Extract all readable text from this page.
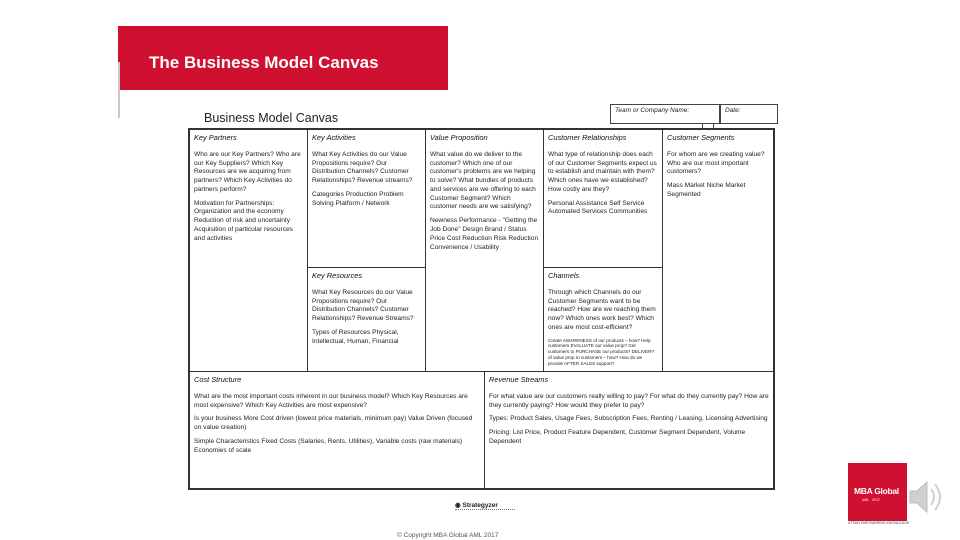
The Business Model Canvas
Business Model Canvas
Team or Company Name:	Date:
Key Partners

Who are our Key Partners? Who are our Key Suppliers? Which Key Resources are we acquiring from partners? Which Key Activities do partners perform?

Motivation for Partnerships: Organization and the economy Reduction of risk and uncertainty Acquisition of particular resources and activities

Key Activities

What Key Activities do our Value Propositions require? Our Distribution Channels? Customer Relationships? Revenue streams?

Categories Production Problem Solving Platform / Network

Key Resources

What Key Resources do our Value Propositions require? Our Distribution Channels? Customer Relationships? Revenue Streams?

Types of Resources Physical, Intellectual, Human, Financial

Value Proposition

What value do we deliver to the customer? Which one of our customer's problems are we helping to solve? What bundles of products and services are we offering to each Customer Segment? Which customer needs are we satisfying?

Newness Performance - "Getting the Job Done" Design Brand / Status Price Cost Reduction Risk Reduction Convenience / Usability

Customer Relationships

What type of relationship does each of our Customer Segments expect us to establish and maintain with them? Which ones have we established? How costly are they?

Personal Assistance Self Service Automated Services Communities

Channels

Through which Channels do our Customer Segments want to be reached? How are we reaching them now? Which ones work best? Which ones are most cost-efficient?

Create AWARENESS of our products – how? Help customers EVALUATE our value prop? Get customers to PURCHASE our products? DELIVERY of value prop to customers – how? How do we provide AFTER SALES support?

Customer Segments

For whom are we creating value? Who are our most important customers?

Mass Market Niche Market Segmented

Cost Structure

What are the most important costs inherent in our business model? Which Key Resources are most expensive? Which Key Activities are most expensive?

Is your business More Cost driven (lowest price materials, minimum pay) Value Driven (focused on value creation)

Simple Characteristics Fixed Costs (Salaries, Rents, Utilities), Variable costs (raw materials) Economies of scale

Revenue Streams

For what value are our customers really willing to pay? For what do they currently pay? How are they currently paying? How would they prefer to pay?

Types: Product Sales, Usage Fees, Subscription Fees, Renting / Leasing, Licensing Advertising

Pricing: List Price, Product Feature Dependent, Customer Segment Dependent, Volume Dependent

◉ Strategyzer
© Copyright MBA Global AML 2017
MBA Global
AML · 2017
ATTAIN EMPOWERING KNOWLEDGE
